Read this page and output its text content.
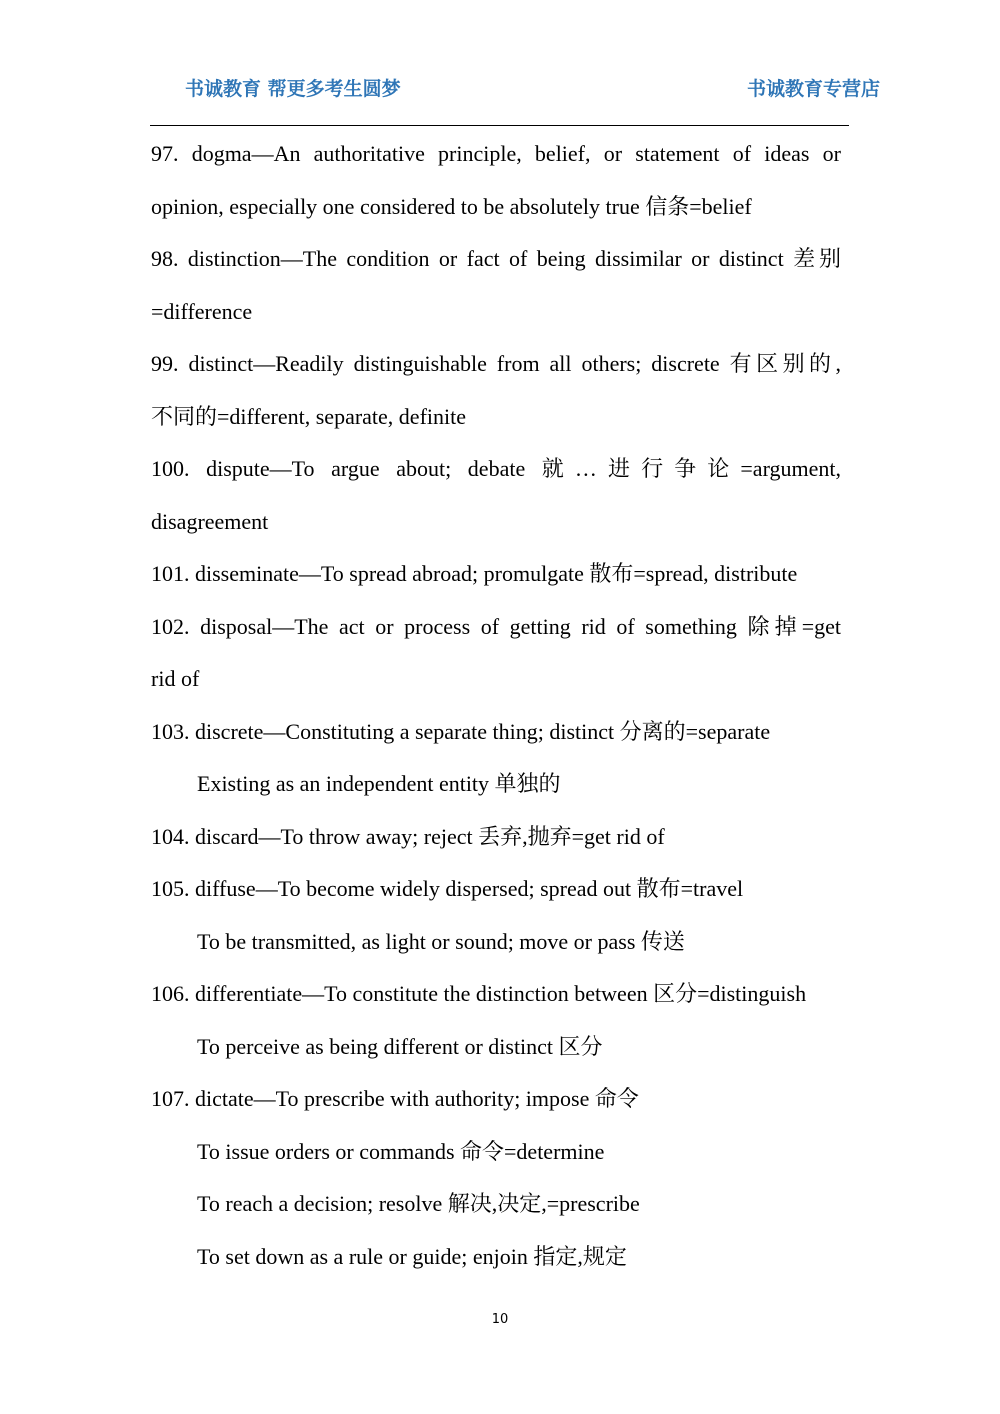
书诚教育 帮更多考生圆梦	书诚教育专营店
97. dogma—An authoritative principle, belief, or statement of ideas or
opinion, especially one considered to be absolutely true 信条=belief
98. distinction—The condition or fact of being dissimilar or distinct 差别
=difference
99. distinct—Readily distinguishable from all others; discrete 有区别的,
不同的=different, separate, definite
100. dispute—To argue about; debate 就…进行争论=argument,
disagreement
101. disseminate—To spread abroad; promulgate 散布=spread, distribute
102. disposal—The act or process of getting rid of something 除掉=get
rid of
103. discrete—Constituting a separate thing; distinct 分离的=separate
Existing as an independent entity 单独的
104. discard—To throw away; reject 丢弃,抛弃=get rid of
105. diffuse—To become widely dispersed; spread out 散布=travel
To be transmitted, as light or sound; move or pass 传送
106. differentiate—To constitute the distinction between 区分=distinguish
To perceive as being different or distinct 区分
107. dictate—To prescribe with authority; impose 命令
To issue orders or commands 命令=determine
To reach a decision; resolve 解决,决定,=prescribe
To set down as a rule or guide; enjoin 指定,规定
10
